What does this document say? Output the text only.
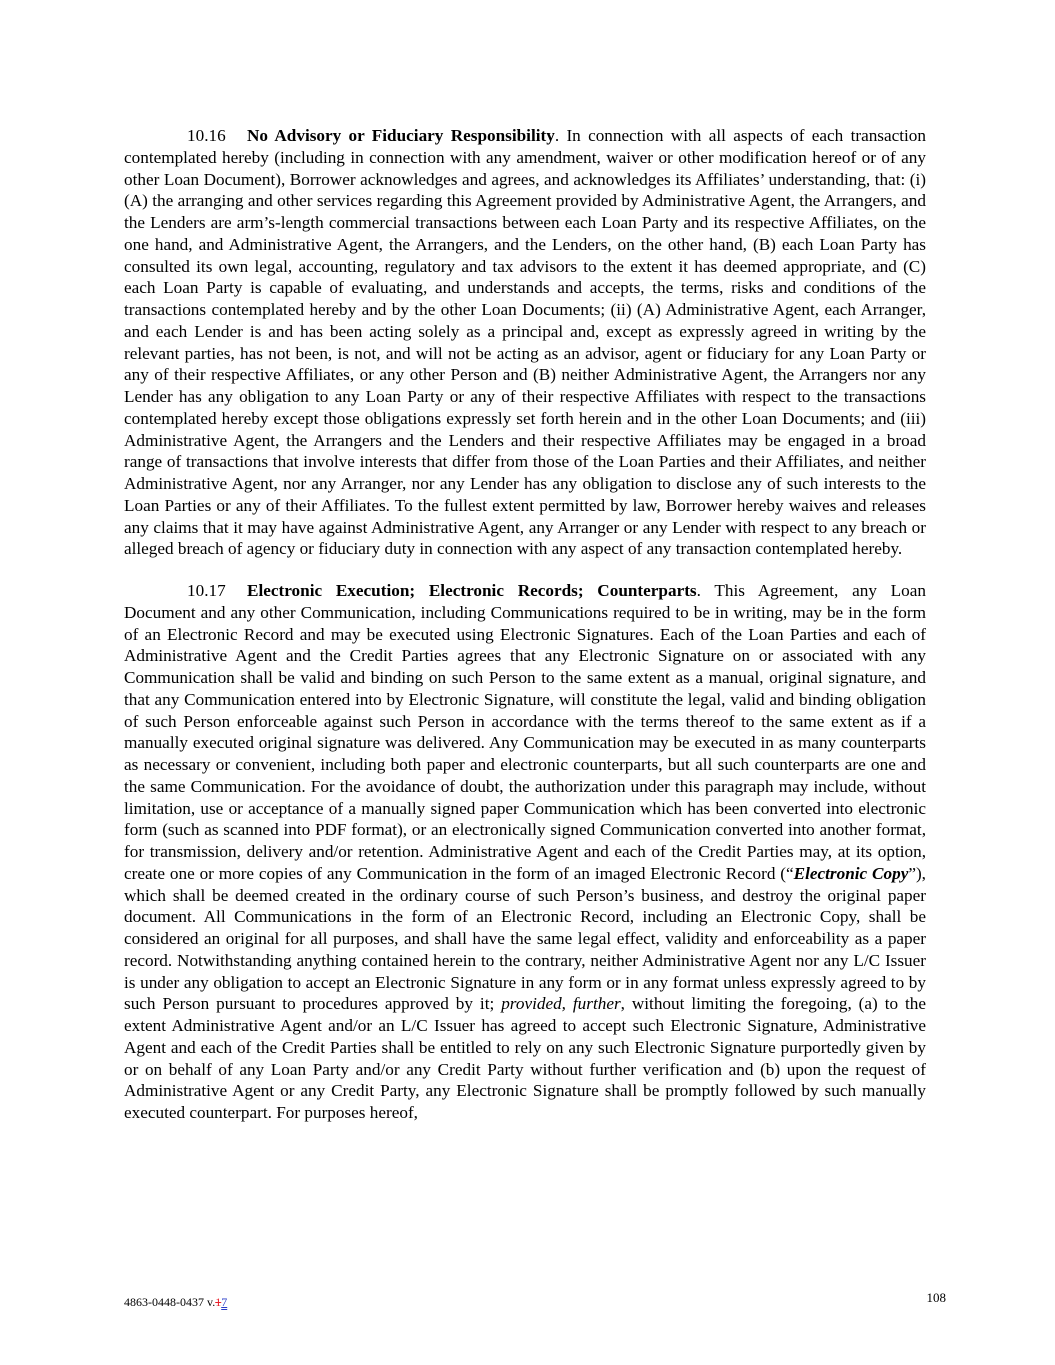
10.16 No Advisory or Fiduciary Responsibility. In connection with all aspects of each transaction contemplated hereby (including in connection with any amendment, waiver or other modification hereof or of any other Loan Document), Borrower acknowledges and agrees, and acknowledges its Affiliates’ understanding, that: (i)(A) the arranging and other services regarding this Agreement provided by Administrative Agent, the Arrangers, and the Lenders are arm’s-length commercial transactions between each Loan Party and its respective Affiliates, on the one hand, and Administrative Agent, the Arrangers, and the Lenders, on the other hand, (B) each Loan Party has consulted its own legal, accounting, regulatory and tax advisors to the extent it has deemed appropriate, and (C) each Loan Party is capable of evaluating, and understands and accepts, the terms, risks and conditions of the transactions contemplated hereby and by the other Loan Documents; (ii) (A) Administrative Agent, each Arranger, and each Lender is and has been acting solely as a principal and, except as expressly agreed in writing by the relevant parties, has not been, is not, and will not be acting as an advisor, agent or fiduciary for any Loan Party or any of their respective Affiliates, or any other Person and (B) neither Administrative Agent, the Arrangers nor any Lender has any obligation to any Loan Party or any of their respective Affiliates with respect to the transactions contemplated hereby except those obligations expressly set forth herein and in the other Loan Documents; and (iii) Administrative Agent, the Arrangers and the Lenders and their respective Affiliates may be engaged in a broad range of transactions that involve interests that differ from those of the Loan Parties and their Affiliates, and neither Administrative Agent, nor any Arranger, nor any Lender has any obligation to disclose any of such interests to the Loan Parties or any of their Affiliates. To the fullest extent permitted by law, Borrower hereby waives and releases any claims that it may have against Administrative Agent, any Arranger or any Lender with respect to any breach or alleged breach of agency or fiduciary duty in connection with any aspect of any transaction contemplated hereby.

10.17 Electronic Execution; Electronic Records; Counterparts. This Agreement, any Loan Document and any other Communication, including Communications required to be in writing, may be in the form of an Electronic Record and may be executed using Electronic Signatures. Each of the Loan Parties and each of Administrative Agent and the Credit Parties agrees that any Electronic Signature on or associated with any Communication shall be valid and binding on such Person to the same extent as a manual, original signature, and that any Communication entered into by Electronic Signature, will constitute the legal, valid and binding obligation of such Person enforceable against such Person in accordance with the terms thereof to the same extent as if a manually executed original signature was delivered. Any Communication may be executed in as many counterparts as necessary or convenient, including both paper and electronic counterparts, but all such counterparts are one and the same Communication. For the avoidance of doubt, the authorization under this paragraph may include, without limitation, use or acceptance of a manually signed paper Communication which has been converted into electronic form (such as scanned into PDF format), or an electronically signed Communication converted into another format, for transmission, delivery and/or retention. Administrative Agent and each of the Credit Parties may, at its option, create one or more copies of any Communication in the form of an imaged Electronic Record (“Electronic Copy”), which shall be deemed created in the ordinary course of such Person’s business, and destroy the original paper document. All Communications in the form of an Electronic Record, including an Electronic Copy, shall be considered an original for all purposes, and shall have the same legal effect, validity and enforceability as a paper record. Notwithstanding anything contained herein to the contrary, neither Administrative Agent nor any L/C Issuer is under any obligation to accept an Electronic Signature in any form or in any format unless expressly agreed to by such Person pursuant to procedures approved by it; provided, further, without limiting the foregoing, (a) to the extent Administrative Agent and/or an L/C Issuer has agreed to accept such Electronic Signature, Administrative Agent and each of the Credit Parties shall be entitled to rely on any such Electronic Signature purportedly given by or on behalf of any Loan Party and/or any Credit Party without further verification and (b) upon the request of Administrative Agent or any Credit Party, any Electronic Signature shall be promptly followed by such manually executed counterpart. For purposes hereof,

4863-0448-0437 v.17	108
